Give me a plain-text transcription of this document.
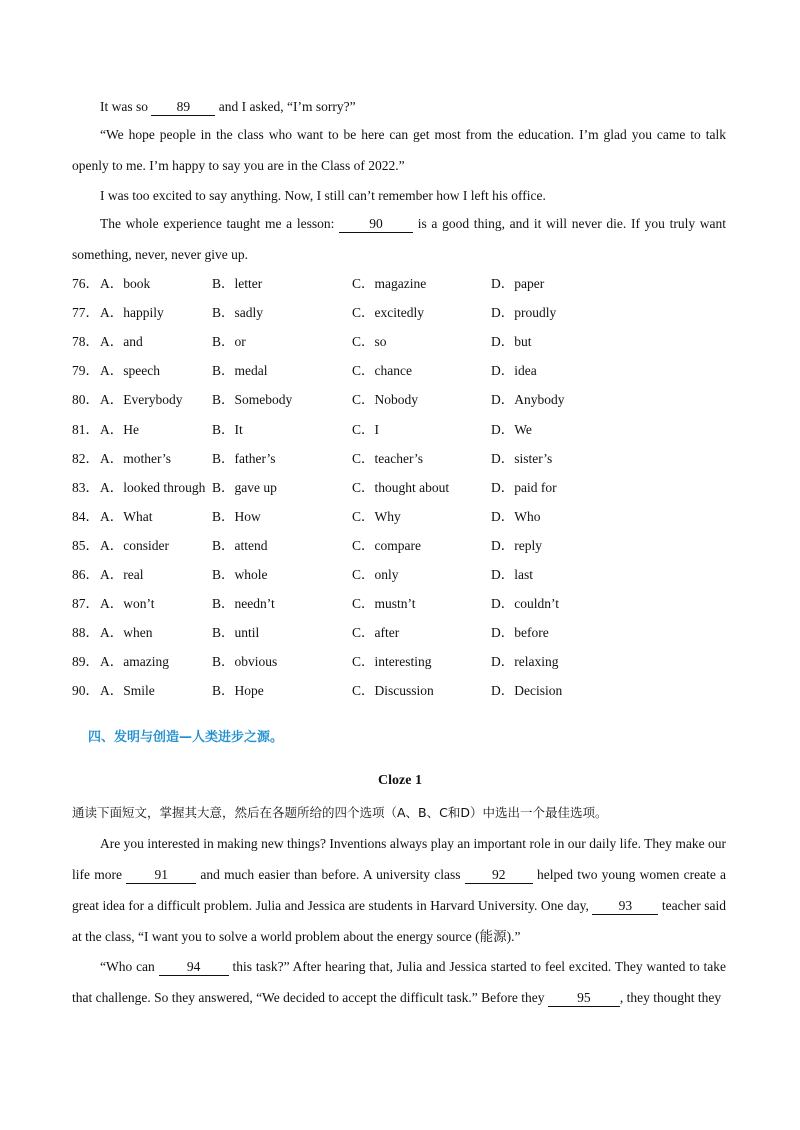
It was so 89 and I asked, “I’m sorry?”

“We hope people in the class who want to be here can get most from the education. I’m glad you came to talk openly to me. I’m happy to say you are in the Class of 2022.”

I was too excited to say anything. Now, I still can’t remember how I left his office.

The whole experience taught me a lesson:	90	is a good thing, and it will never die. If you truly want something, never, never give up.

76． A．book	B．letter	C．magazine	D．paper
77． A．happily	B．sadly	C．excitedly	D．proudly
78． A．and	B．or	C．so	D．but
79． A．speech	B．medal	C．chance	D．idea
80． A．Everybody B．Somebody	C．Nobody	D．Anybody
81． A．He	B．It	C．I	D．We
82． A．mother’s	B．father’s	C．teacher’s	D．sister’s
83． A．looked through B．gave up	C．thought about	D．paid for
84． A．What	B．How	C．Why	D．Who
85． A．consider	B．attend	C．compare	D．reply
86． A．real	B．whole	C．only	D．last
87． A．won’t	B．needn’t	C．mustn’t	D．couldn’t
88． A．when	B．until	C．after	D．before
89． A．amazing	B．obvious	C．interesting	D．relaxing
90． A．Smile	B．Hope	C．Discussion	D．Decision
四、发明与创造—人类进步之源。
Cloze 1
通读下面短文，掌握其大意，然后在各题所给的四个选项（A、B、C和D）中选出一个最佳选项。

Are you interested in making new things? Inventions always play an important role in our daily life. They make our life more 91 and much easier than before. A university class 92 helped two young women create a great idea for a difficult problem. Julia and Jessica are students in Harvard University. One day, 93 teacher said at the class, “I want you to solve a world problem about the energy source (能源).”

“Who can 94 this task?” After hearing that, Julia and Jessica started to feel excited. They wanted to take that challenge. So they answered, “We decided to accept the difficult task.” Before they 95 , they thought they
